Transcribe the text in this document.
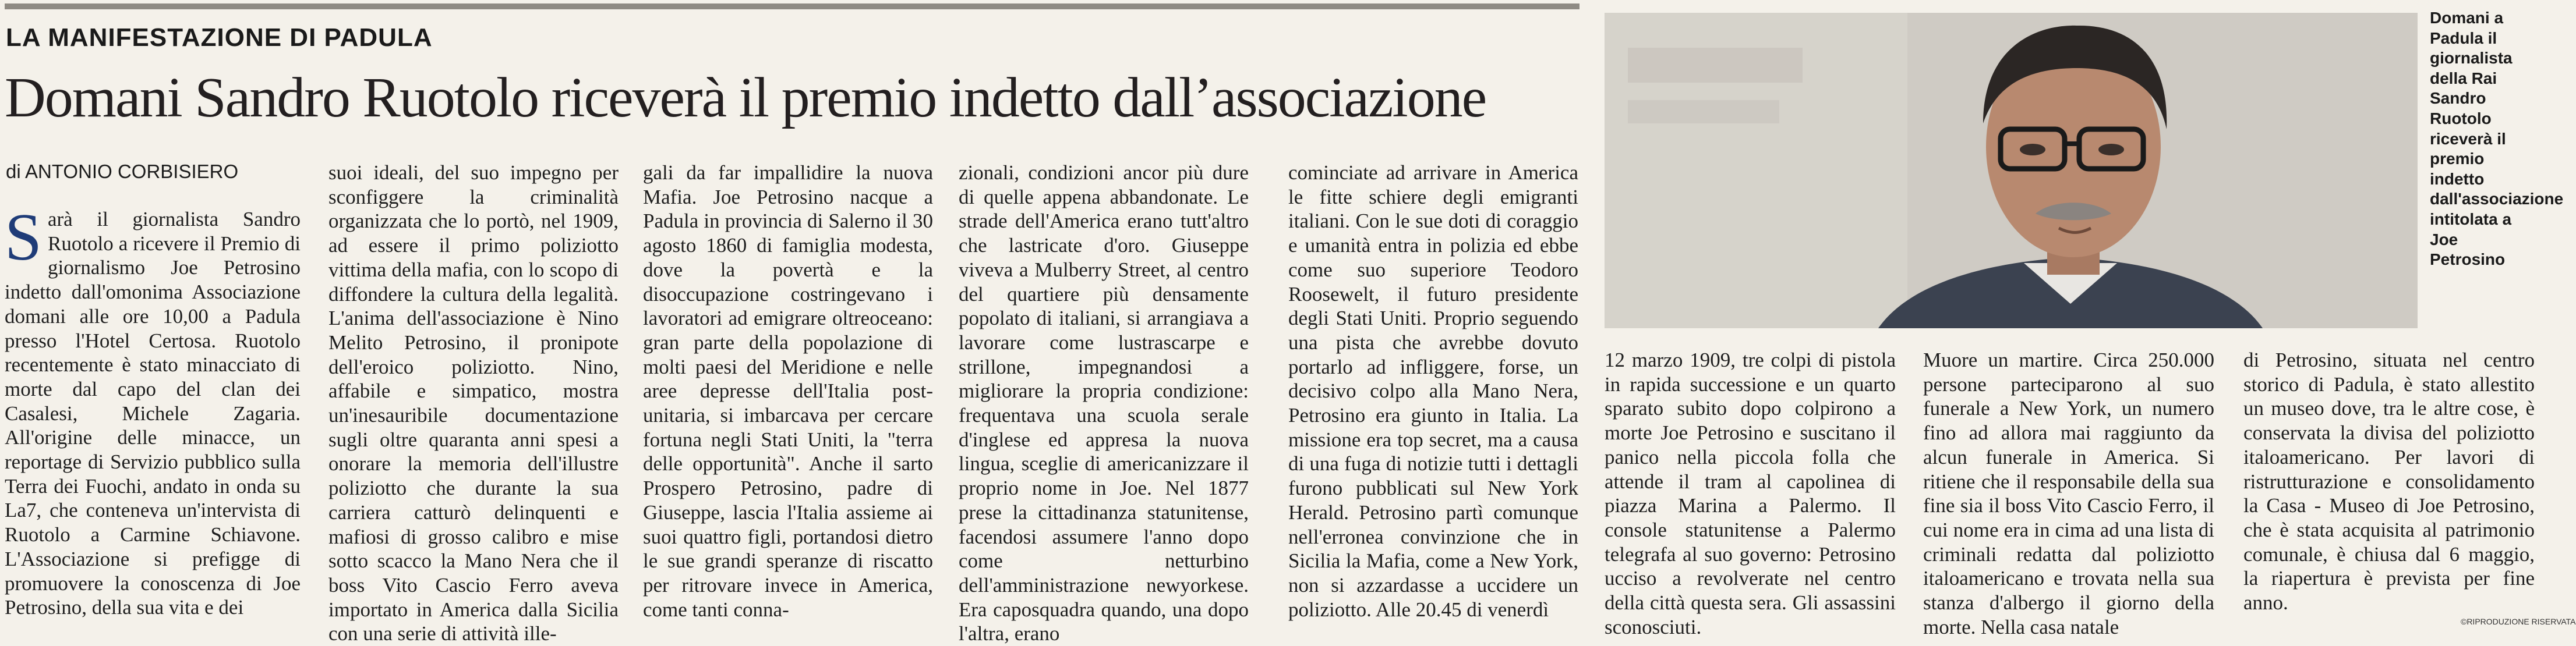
LA MANIFESTAZIONE DI PADULA
Domani Sandro Ruotolo riceverà il premio indetto dall’associazione
di ANTONIO CORBISIERO
Sarà il giornalista Sandro Ruotolo a ricevere il Premio di giornalismo Joe Petrosino indetto dall'omonima Associazione domani alle ore 10,00 a Padula presso l'Hotel Certosa. Ruotolo recentemente è stato minacciato di morte dal capo del clan dei Casalesi, Michele Zagaria. All'origine delle minacce, un reportage di Servizio pubblico sulla Terra dei Fuochi, andato in onda su La7, che conteneva un'intervista di Ruotolo a Carmine Schiavone. L'Associazione si prefigge di promuovere la conoscenza di Joe Petrosino, della sua vita e dei
suoi ideali, del suo impegno per sconfiggere la criminalità organizzata che lo portò, nel 1909, ad essere il primo poliziotto vittima della mafia, con lo scopo di diffondere la cultura della legalità. L'anima dell'associazione è Nino Melito Petrosino, il pronipote dell'eroico poliziotto. Nino, affabile e simpatico, mostra un'inesauribile documentazione sugli oltre quaranta anni spesi a onorare la memoria dell'illustre poliziotto che durante la sua carriera catturò delinquenti e mafiosi di grosso calibro e mise sotto scacco la Mano Nera che il boss Vito Cascio Ferro aveva importato in America dalla Sicilia con una serie di attività ille-
gali da far impallidire la nuova Mafia. Joe Petrosino nacque a Padula in provincia di Salerno il 30 agosto 1860 di famiglia modesta, dove la povertà e la disoccupazione costringevano i lavoratori ad emigrare oltreoceano: gran parte della popolazione di molti paesi del Meridione e nelle aree depresse dell'Italia post-unitaria, si imbarcava per cercare fortuna negli Stati Uniti, la "terra delle opportunità". Anche il sarto Prospero Petrosino, padre di Giuseppe, lascia l'Italia assieme ai suoi quattro figli, portandosi dietro le sue grandi speranze di riscatto per ritrovare invece in America, come tanti conna-
zionali, condizioni ancor più dure di quelle appena abbandonate. Le strade dell'America erano tutt'altro che lastricate d'oro. Giuseppe viveva a Mulberry Street, al centro del quartiere più densamente popolato di italiani, si arrangiava a lavorare come lustrascarpe e strillone, impegnandosi a migliorare la propria condizione: frequentava una scuola serale d'inglese ed appresa la nuova lingua, sceglie di americanizzare il proprio nome in Joe. Nel 1877 prese la cittadinanza statunitense, facendosi assumere l'anno dopo come netturbino dell'amministrazione newyorkese. Era caposquadra quando, una dopo l'altra, erano
cominciate ad arrivare in America le fitte schiere degli emigranti italiani. Con le sue doti di coraggio e umanità entra in polizia ed ebbe come suo superiore Teodoro Roosewelt, il futuro presidente degli Stati Uniti. Proprio seguendo una pista che avrebbe dovuto portarlo ad infliggere, forse, un decisivo colpo alla Mano Nera, Petrosino era giunto in Italia. La missione era top secret, ma a causa di una fuga di notizie tutti i dettagli furono pubblicati sul New York Herald. Petrosino partì comunque nell'erronea convinzione che in Sicilia la Mafia, come a New York, non si azzardasse a uccidere un poliziotto. Alle 20.45 di venerdì
Domani a Padula il giornalista della Rai Sandro Ruotolo riceverà il premio indetto dall'associazione intitolata a Joe Petrosino
12 marzo 1909, tre colpi di pistola in rapida successione e un quarto sparato subito dopo colpirono a morte Joe Petrosino e suscitano il panico nella piccola folla che attende il tram al capolinea di piazza Marina a Palermo. Il console statunitense a Palermo telegrafa al suo governo: Petrosino ucciso a revolverate nel centro della città questa sera. Gli assassini sconosciuti.
Muore un martire. Circa 250.000 persone parteciparono al suo funerale a New York, un numero fino ad allora mai raggiunto da alcun funerale in America. Si ritiene che il responsabile della sua fine sia il boss Vito Cascio Ferro, il cui nome era in cima ad una lista di criminali redatta dal poliziotto italoamericano e trovata nella sua stanza d'albergo il giorno della morte. Nella casa natale
di Petrosino, situata nel centro storico di Padula, è stato allestito un museo dove, tra le altre cose, è conservata la divisa del poliziotto italoamericano. Per lavori di ristrutturazione e consolidamento la Casa - Museo di Joe Petrosino, che è stata acquisita al patrimonio comunale, è chiusa dal 6 maggio, la riapertura è prevista per fine anno.
©RIPRODUZIONE RISERVATA
